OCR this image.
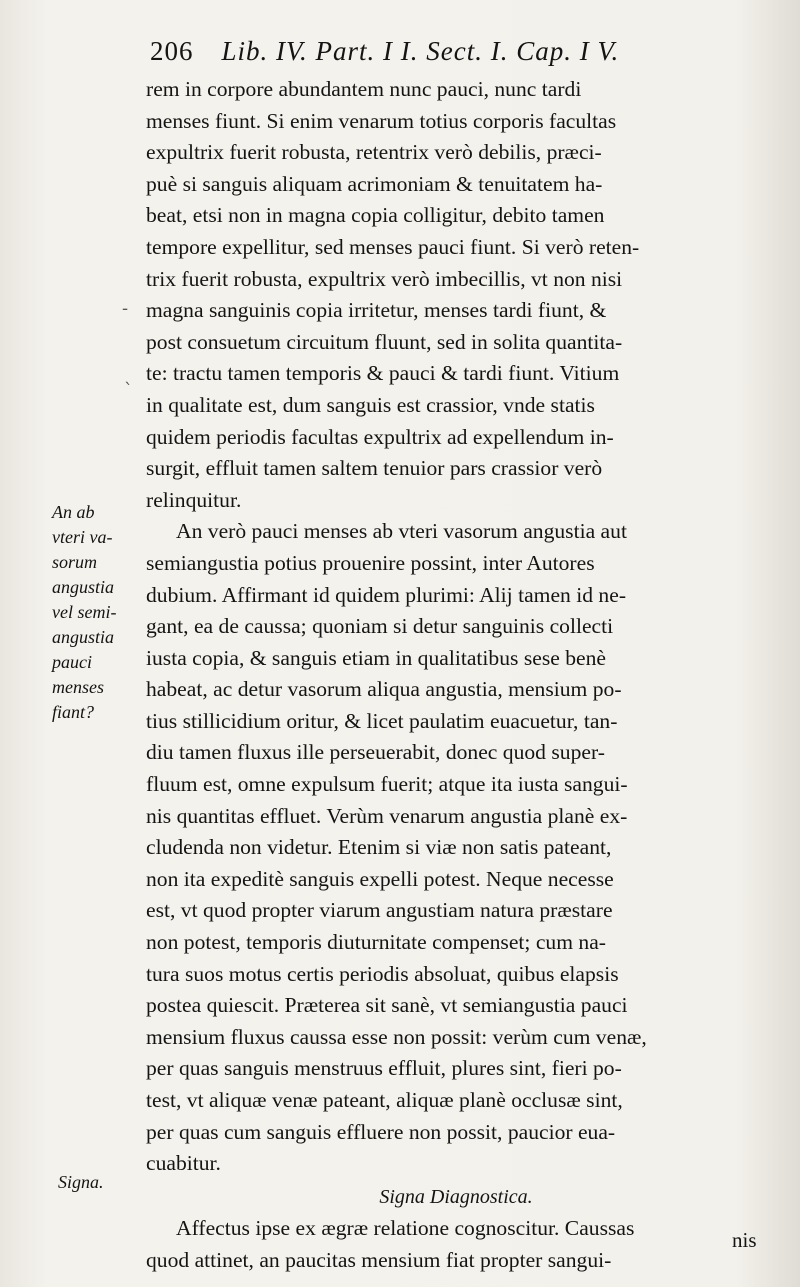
206 Lib. IV. Part. I I. Sect. I. Cap. I V.
-
`
rem in corpore abundantem nunc pauci, nunc tardi
menses fiunt. Si enim venarum totius corporis facultas
expultrix fuerit robusta, retentrix verò debilis, præci-
puè si sanguis aliquam acrimoniam & tenuitatem ha-
beat, etsi non in magna copia colligitur, debito tamen
tempore expellitur, sed menses pauci fiunt. Si verò reten-
trix fuerit robusta, expultrix verò imbecillis, vt non nisi
magna sanguinis copia irritetur, menses tardi fiunt, &
post consuetum circuitum fluunt, sed in solita quantita-
te: tractu tamen temporis & pauci & tardi fiunt. Vitium
in qualitate est, dum sanguis est crassior, vnde statis
quidem periodis facultas expultrix ad expellendum in-
surgit, effluit tamen saltem tenuior pars crassior verò
relinquitur.
An verò pauci menses ab vteri vasorum angustia aut
semiangustia potius prouenire possint, inter Autores
dubium. Affirmant id quidem plurimi: Alij tamen id ne-
gant, ea de caussa; quoniam si detur sanguinis collecti
iusta copia, & sanguis etiam in qualitatibus sese benè
habeat, ac detur vasorum aliqua angustia, mensium po-
tius stillicidium oritur, & licet paulatim euacuetur, tan-
diu tamen fluxus ille perseuerabit, donec quod super-
fluum est, omne expulsum fuerit; atque ita iusta sangui-
nis quantitas effluet. Verùm venarum angustia planè ex-
cludenda non videtur. Etenim si viæ non satis pateant,
non ita expeditè sanguis expelli potest. Neque necesse
est, vt quod propter viarum angustiam natura præstare
non potest, temporis diuturnitate compenset; cum na-
tura suos motus certis periodis absoluat, quibus elapsis
postea quiescit. Præterea sit sanè, vt semiangustia pauci
mensium fluxus caussa esse non possit: verùm cum venæ,
per quas sanguis menstruus effluit, plures sint, fieri po-
test, vt aliquæ venæ pateant, aliquæ planè occlusæ sint,
per quas cum sanguis effluere non possit, paucior eua-
cuabitur.
Signa Diagnostica.
Affectus ipse ex ægræ relatione cognoscitur. Caussas
quod attinet, an paucitas mensium fiat propter sangui-
An ab
vteri va-
sorum
angustia
vel semi-
angustia
pauci
menses
fiant?
Signa.
nis
